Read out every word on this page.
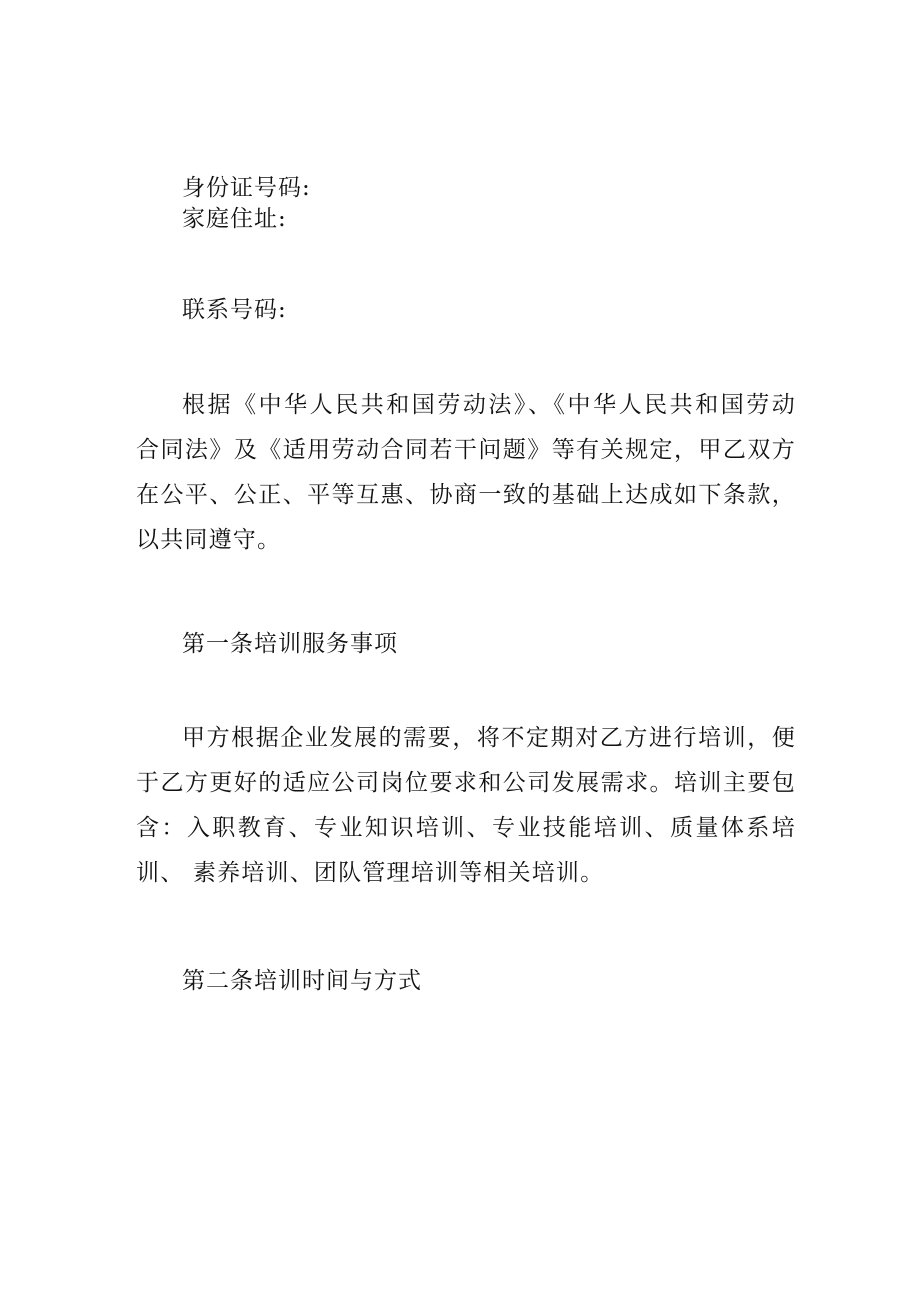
身份证号码:
家庭住址:
联系号码:
根据《中华人民共和国劳动法》、《中华人民共和国劳动 合同法》及《适用劳动合同若干问题》等有关规定，甲乙双方 在公平、公正、平等互惠、协商一致的基础上达成如下条款， 以共同遵守。
第一条培训服务事项
甲方根据企业发展的需要，将不定期对乙方进行培训，便 于乙方更好的适应公司岗位要求和公司发展需求。培训主要包 含：入职教育、专业知识培训、专业技能培训、质量体系培训、 素养培训、团队管理培训等相关培训。
第二条培训时间与方式
